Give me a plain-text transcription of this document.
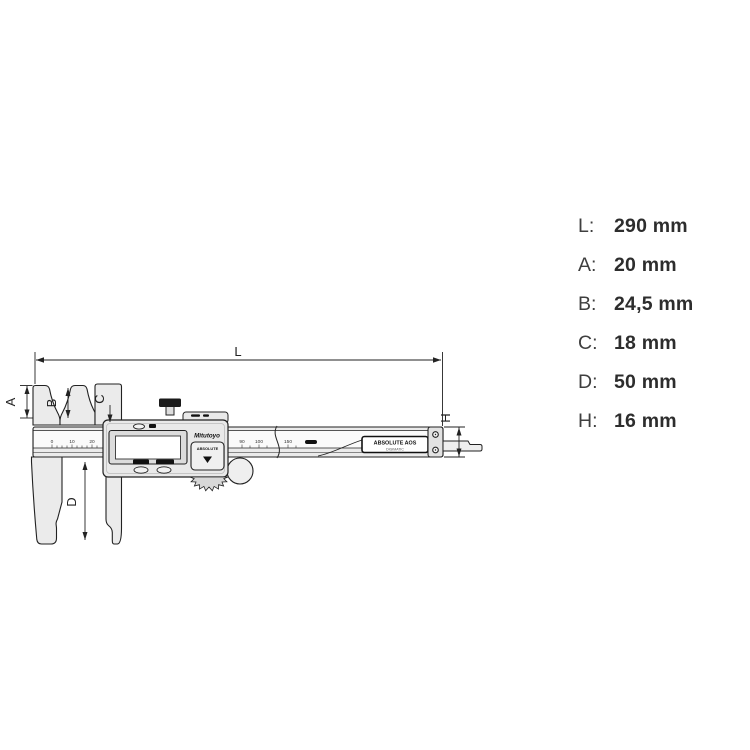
0	10	20	90 100	150	ABSOLUTE AOS
DIGIMATIC
Mitutoyo
ABSOLUTE
L
A B	C
D
H
L:	290 mm
A: 20 mm
B: 24,5 mm
C: 18 mm
D: 50 mm
H: 16 mm
